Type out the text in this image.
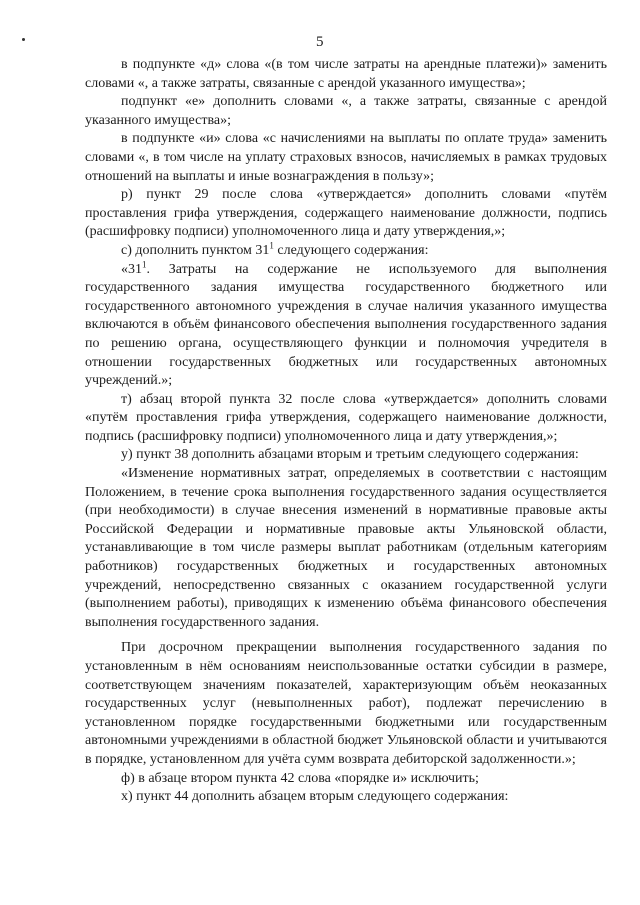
5

в подпункте «д» слова «(в том числе затраты на арендные платежи)» заменить словами «, а также затраты, связанные с арендой указанного имущества»;

подпункт «е» дополнить словами «, а также затраты, связанные с арендой указанного имущества»;

в подпункте «и» слова «с начислениями на выплаты по оплате труда» заменить словами «, в том числе на уплату страховых взносов, начисляемых в рамках трудовых отношений на выплаты и иные вознаграждения в пользу»;

р) пункт 29 после слова «утверждается» дополнить словами «путём проставления грифа утверждения, содержащего наименование должности, подпись (расшифровку подписи) уполномоченного лица и дату утверждения,»;

с) дополнить пунктом $31^1$ следующего содержания:

«$31^1$. Затраты на содержание не используемого для выполнения государственного задания имущества государственного бюджетного или государственного автономного учреждения в случае наличия указанного имущества включаются в объём финансового обеспечения выполнения государственного задания по решению органа, осуществляющего функции и полномочия учредителя в отношении государственных бюджетных или государственных автономных учреждений.»;

т) абзац второй пункта 32 после слова «утверждается» дополнить словами «путём проставления грифа утверждения, содержащего наименование должности, подпись (расшифровку подписи) уполномоченного лица и дату утверждения,»;

у) пункт 38 дополнить абзацами вторым и третьим следующего содержания:

«Изменение нормативных затрат, определяемых в соответствии с настоящим Положением, в течение срока выполнения государственного задания осуществляется (при необходимости) в случае внесения изменений в нормативные правовые акты Российской Федерации и нормативные правовые акты Ульяновской области, устанавливающие в том числе размеры выплат работникам (отдельным категориям работников) государственных бюджетных и государственных автономных учреждений, непосредственно связанных с оказанием государственной услуги (выполнением работы), приводящих к изменению объёма финансового обеспечения выполнения государственного задания.

При досрочном прекращении выполнения государственного задания по установленным в нём основаниям неиспользованные остатки субсидии в размере, соответствующем значениям показателей, характеризующим объём неоказанных государственных услуг (невыполненных работ), подлежат перечислению в установленном порядке государственными бюджетными или государственным автономными учреждениями в областной бюджет Ульяновской области и учитываются в порядке, установленном для учёта сумм возврата дебиторской задолженности.»;

ф) в абзаце втором пункта 42 слова «порядке и» исключить;

х) пункт 44 дополнить абзацем вторым следующего содержания:
